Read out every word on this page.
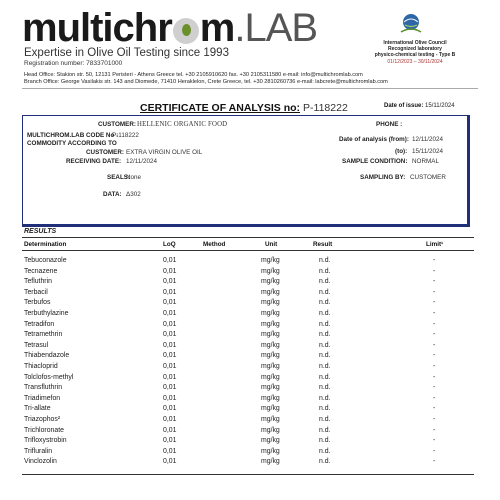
multichr m.LAB
Expertise in Olive Oil Testing since 1993
Registration number: 7833701000
International Olive Council
Recognized laboratory
physico-chemical testing - Type B
01/12/2023 – 30/11/2024
Head Office: Stakion str. 50, 12131 Peristeri - Athens Greece tel. +30 2105910620 fax. +30 2105311580 e-mail: info@multichromlab.com
Branch Office: George Vasilakis str. 143 and Diomede, 71410 Heraklelon, Crete Greece, tel. +30 2810260736 e-mail: labcrete@multichromlab.com
CERTIFICATE OF ANALYSIS no: P-118222	Date of issue: 15/11/2024
CUSTOMER: HELLENIC ORGANIC FOOD	PHONE :
MULTICHROM.LAB CODE No :
P-118222
COMMODITY ACCORDING TO
CUSTOMER: EXTRA VIRGIN OLIVE OIL
RECEIVING DATE: 12/11/2024
Date of analysis (from): 12/11/2024
(to): 15/11/2024
SAMPLE CONDITION: NORMAL
SEALS:
None	SAMPLING BY: CUSTOMER
DATA: Δ302
RESULTS
Determination	LoQ	Method	Unit	Result	Limit¹
Tebuconazole	0,01	mg/kg	n.d.	-
Tecnazene	0,01	mg/kg	n.d.	-
Tefluthrin	0,01	mg/kg	n.d.	-
Terbacil	0,01	mg/kg	n.d.	-
Terbufos	0,01	mg/kg	n.d.	-
Terbuthylazine	0,01	mg/kg	n.d.	-
Tetradifon	0,01	mg/kg	n.d.	-
Tetramethrin	0,01	mg/kg	n.d.	-
Tetrasul	0,01	mg/kg	n.d.	-
Thiabendazole	0,01	mg/kg	n.d.	-
Thiacloprid	0,01	mg/kg	n.d.	-
Tolclofos-methyl	0,01	mg/kg	n.d.	-
Transfluthrin	0,01	mg/kg	n.d.	-
Triadimefon	0,01	mg/kg	n.d.	-
Tri-allate	0,01	mg/kg	n.d.	-
Triazophos²	0,01	mg/kg	n.d.	-
Trichloronate	0,01	mg/kg	n.d.	-
Trifloxystrobin	0,01	mg/kg	n.d.	-
Trifluralin	0,01	mg/kg	n.d.	-
Vinclozolin	0,01	mg/kg	n.d.	-
